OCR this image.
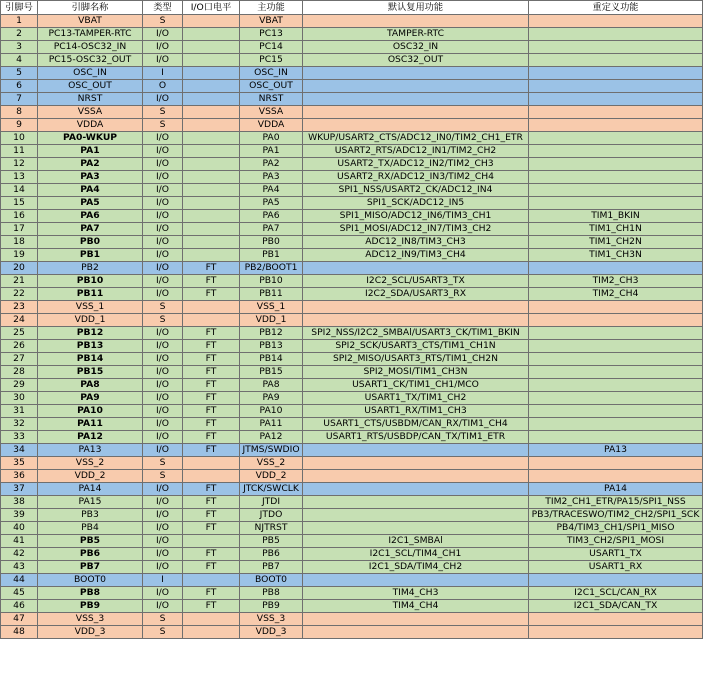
引脚号	引脚名称	类型	I/O口电平	主功能	默认复用功能	重定义功能
1	VBAT	S		VBAT		
2	PC13-TAMPER-RTC	I/O		PC13	TAMPER-RTC	
3	PC14-OSC32_IN	I/O		PC14	OSC32_IN	
4	PC15-OSC32_OUT	I/O		PC15	OSC32_OUT	
5	OSC_IN	I		OSC_IN		
6	OSC_OUT	O		OSC_OUT		
7	NRST	I/O		NRST		
8	VSSA	S		VSSA		
9	VDDA	S		VDDA		
10	PA0-WKUP	I/O		PA0	WKUP/USART2_CTS/ADC12_IN0/TIM2_CH1_ETR	
11	PA1	I/O		PA1	USART2_RTS/ADC12_IN1/TIM2_CH2	
12	PA2	I/O		PA2	USART2_TX/ADC12_IN2/TIM2_CH3	
13	PA3	I/O		PA3	USART2_RX/ADC12_IN3/TIM2_CH4	
14	PA4	I/O		PA4	SPI1_NSS/USART2_CK/ADC12_IN4	
15	PA5	I/O		PA5	SPI1_SCK/ADC12_IN5	
16	PA6	I/O		PA6	SPI1_MISO/ADC12_IN6/TIM3_CH1	TIM1_BKIN
17	PA7	I/O		PA7	SPI1_MOSI/ADC12_IN7/TIM3_CH2	TIM1_CH1N
18	PB0	I/O		PB0	ADC12_IN8/TIM3_CH3	TIM1_CH2N
19	PB1	I/O		PB1	ADC12_IN9/TIM3_CH4	TIM1_CH3N
20	PB2	I/O	FT	PB2/BOOT1		
21	PB10	I/O	FT	PB10	I2C2_SCL/USART3_TX	TIM2_CH3
22	PB11	I/O	FT	PB11	I2C2_SDA/USART3_RX	TIM2_CH4
23	VSS_1	S		VSS_1		
24	VDD_1	S		VDD_1		
25	PB12	I/O	FT	PB12	SPI2_NSS/I2C2_SMBAl/USART3_CK/TIM1_BKIN	
26	PB13	I/O	FT	PB13	SPI2_SCK/USART3_CTS/TIM1_CH1N	
27	PB14	I/O	FT	PB14	SPI2_MISO/USART3_RTS/TIM1_CH2N	
28	PB15	I/O	FT	PB15	SPI2_MOSI/TIM1_CH3N	
29	PA8	I/O	FT	PA8	USART1_CK/TIM1_CH1/MCO	
30	PA9	I/O	FT	PA9	USART1_TX/TIM1_CH2	
31	PA10	I/O	FT	PA10	USART1_RX/TIM1_CH3	
32	PA11	I/O	FT	PA11	USART1_CTS/USBDM/CAN_RX/TIM1_CH4	
33	PA12	I/O	FT	PA12	USART1_RTS/USBDP/CAN_TX/TIM1_ETR	
34	PA13	I/O	FT	JTMS/SWDIO		PA13
35	VSS_2	S		VSS_2		
36	VDD_2	S		VDD_2		
37	PA14	I/O	FT	JTCK/SWCLK		PA14
38	PA15	I/O	FT	JTDI		TIM2_CH1_ETR/PA15/SPI1_NSS
39	PB3	I/O	FT	JTDO		PB3/TRACESWO/TIM2_CH2/SPI1_SCK
40	PB4	I/O	FT	NJTRST		PB4/TIM3_CH1/SPI1_MISO
41	PB5	I/O		PB5	I2C1_SMBAl	TIM3_CH2/SPI1_MOSI
42	PB6	I/O	FT	PB6	I2C1_SCL/TIM4_CH1	USART1_TX
43	PB7	I/O	FT	PB7	I2C1_SDA/TIM4_CH2	USART1_RX
44	BOOT0	I		BOOT0		
45	PB8	I/O	FT	PB8	TIM4_CH3	I2C1_SCL/CAN_RX
46	PB9	I/O	FT	PB9	TIM4_CH4	I2C1_SDA/CAN_TX
47	VSS_3	S		VSS_3		
48	VDD_3	S		VDD_3		
